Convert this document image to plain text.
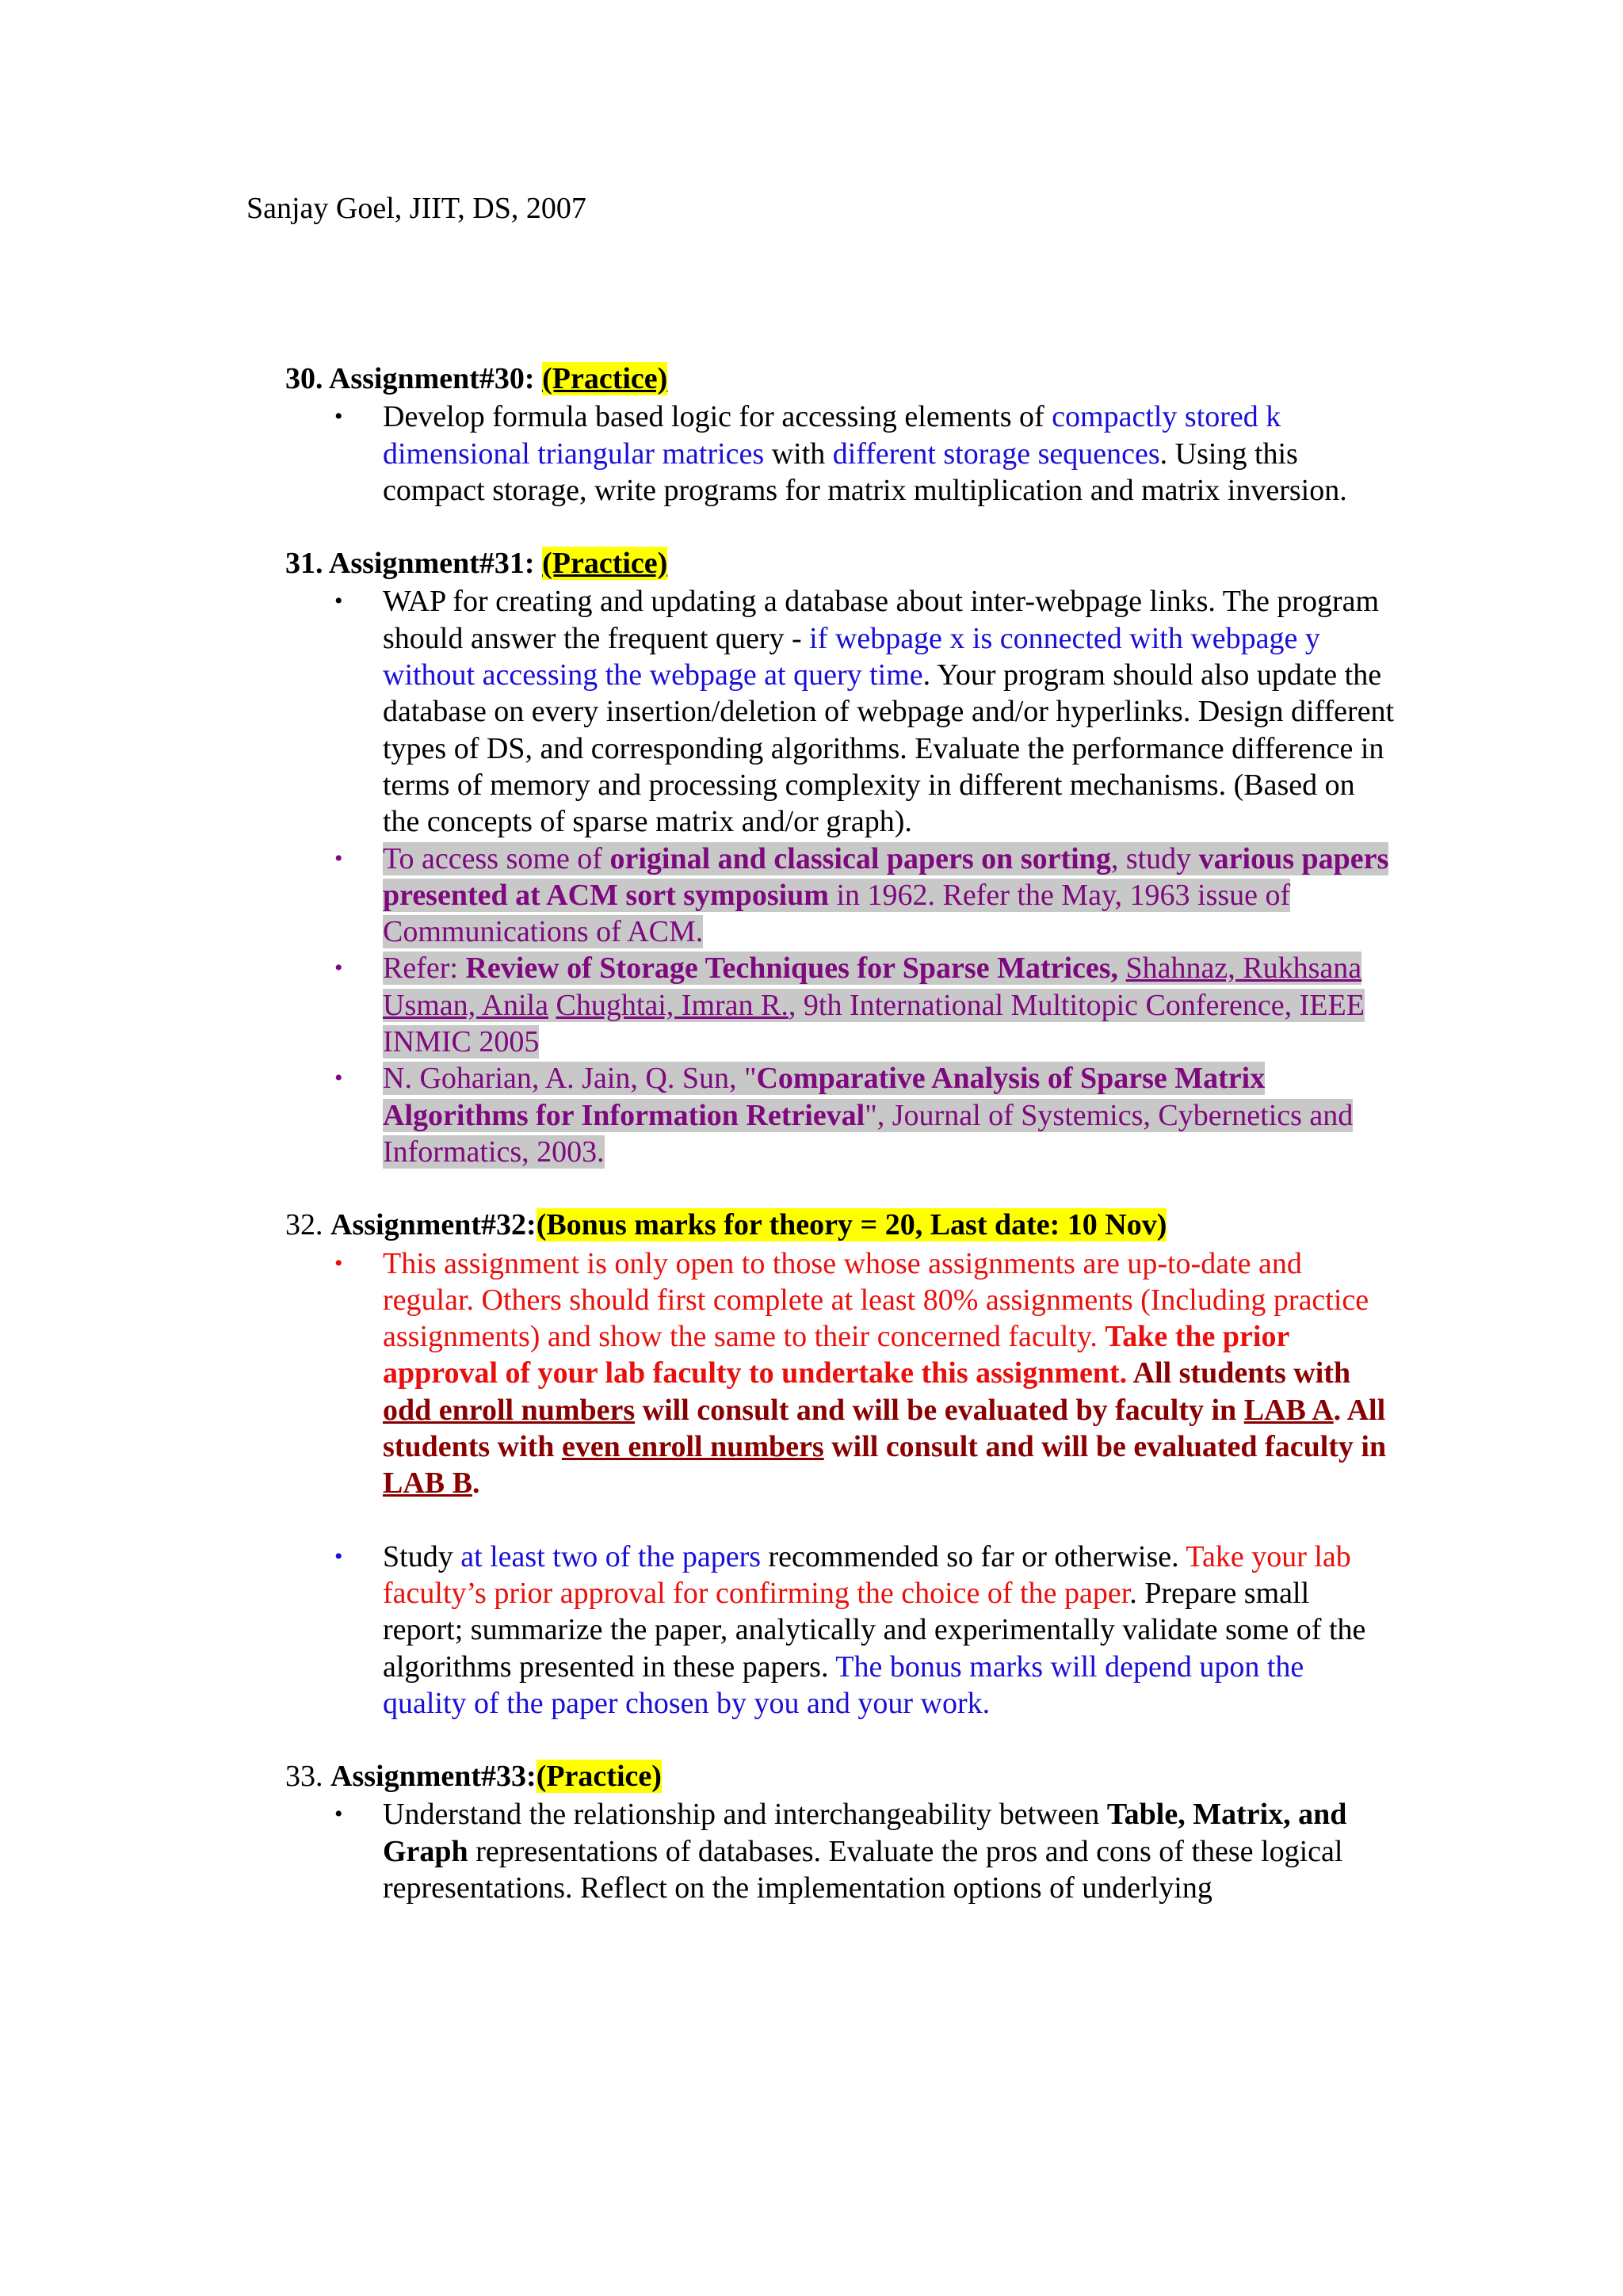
Sanjay Goel, JIIT, DS, 2007
30. Assignment#30: (Practice)
•	Develop formula based logic for accessing elements of compactly stored k dimensional triangular matrices with different storage sequences. Using this compact storage, write programs for matrix multiplication and matrix inversion.
31. Assignment#31: (Practice)
•	WAP for creating and updating a database about inter-webpage links. The program should answer the frequent query - if webpage x is connected with webpage y without accessing the webpage at query time. Your program should also update the database on every insertion/deletion of webpage and/or hyperlinks. Design different types of DS, and corresponding algorithms. Evaluate the performance difference in terms of memory and processing complexity in different mechanisms. (Based on the concepts of sparse matrix and/or graph).
•	To access some of original and classical papers on sorting, study various papers presented at ACM sort symposium in 1962. Refer the May, 1963 issue of Communications of ACM.
•	Refer: Review of Storage Techniques for Sparse Matrices, Shahnaz, Rukhsana Usman, Anila Chughtai, Imran R., 9th International Multitopic Conference, IEEE INMIC 2005
•	N. Goharian, A. Jain, Q. Sun, "Comparative Analysis of Sparse Matrix Algorithms for Information Retrieval", Journal of Systemics, Cybernetics and Informatics, 2003.
32. Assignment#32:(Bonus marks for theory = 20, Last date: 10 Nov)
•	This assignment is only open to those whose assignments are up-to-date and regular. Others should first complete at least 80% assignments (Including practice assignments) and show the same to their concerned faculty. Take the prior approval of your lab faculty to undertake this assignment. All students with odd enroll numbers will consult and will be evaluated by faculty in LAB A. All students with even enroll numbers will consult and will be evaluated faculty in LAB B.
•	Study at least two of the papers recommended so far or otherwise. Take your lab faculty’s prior approval for confirming the choice of the paper. Prepare small report; summarize the paper, analytically and experimentally validate some of the algorithms presented in these papers. The bonus marks will depend upon the quality of the paper chosen by you and your work.
33. Assignment#33:(Practice)
•	Understand the relationship and interchangeability between Table, Matrix, and Graph representations of databases. Evaluate the pros and cons of these logical representations. Reflect on the implementation options of underlying
